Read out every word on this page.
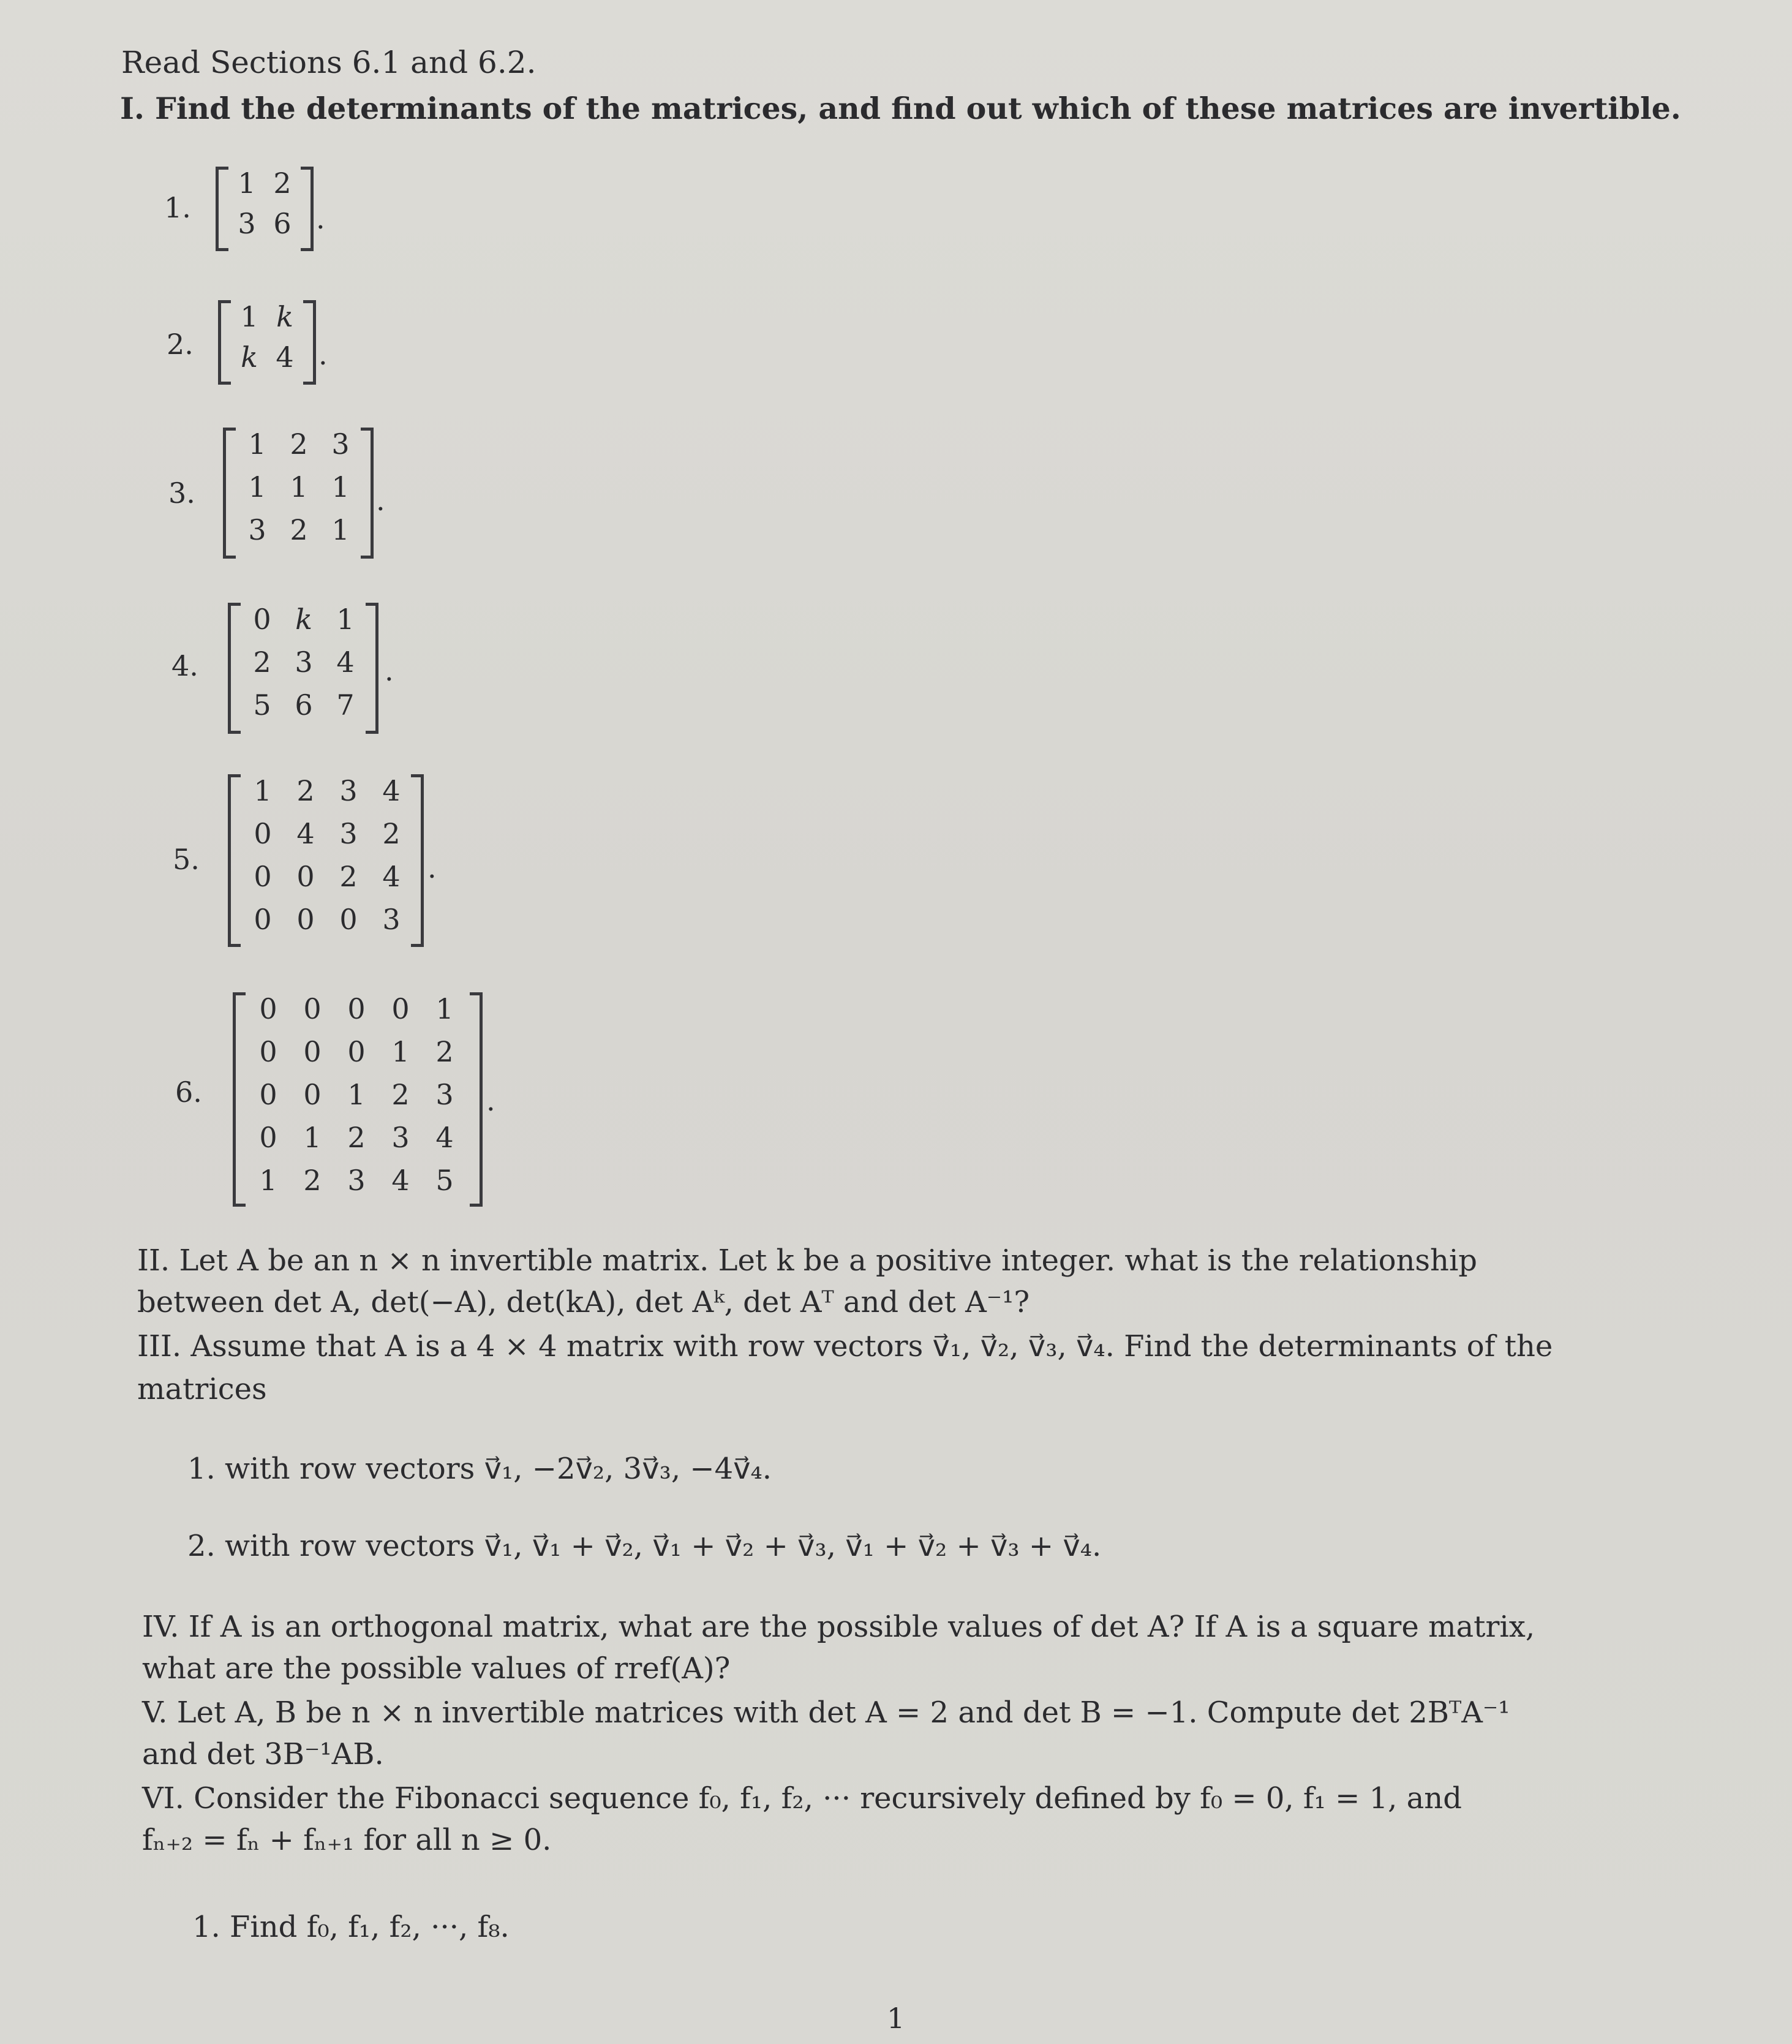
Read Sections 6.1 and 6.2.
I. Find the determinants of the matrices, and find out which of these matrices are invertible.
1.
1 2
3 6 .
2.
1 k
k 4 .
3.
1 2 3
1 1 1
3 2 1
.
4.
0 k 1
2 3 4
5 6 7
.
5.
1 2 3 4
0 4 3 2
0 0 2 4
0 0 0 3
.
6.
0 0 0 0 1
0 0 0 1 2
0 0 1 2 3
0 1 2 3 4
1 2 3 4 5
.
II. Let A be an n × n invertible matrix. Let k be a positive integer. what is the relationship
between det A, det(−A), det(kA), det Aᵏ, det Aᵀ and det A⁻¹?
III. Assume that A is a 4 × 4 matrix with row vectors v⃗₁, v⃗₂, v⃗₃, v⃗₄. Find the determinants of the
matrices
1. with row vectors v⃗₁, −2v⃗₂, 3v⃗₃, −4v⃗₄.
2. with row vectors v⃗₁, v⃗₁ + v⃗₂, v⃗₁ + v⃗₂ + v⃗₃, v⃗₁ + v⃗₂ + v⃗₃ + v⃗₄.
IV. If A is an orthogonal matrix, what are the possible values of det A? If A is a square matrix,
what are the possible values of rref(A)?
V. Let A, B be n × n invertible matrices with det A = 2 and det B = −1. Compute det 2BᵀA⁻¹
and det 3B⁻¹AB.
VI. Consider the Fibonacci sequence f₀, f₁, f₂, ··· recursively defined by f₀ = 0, f₁ = 1, and
fₙ₊₂ = fₙ + fₙ₊₁ for all n ≥ 0.
1. Find f₀, f₁, f₂, ···, f₈.
1
